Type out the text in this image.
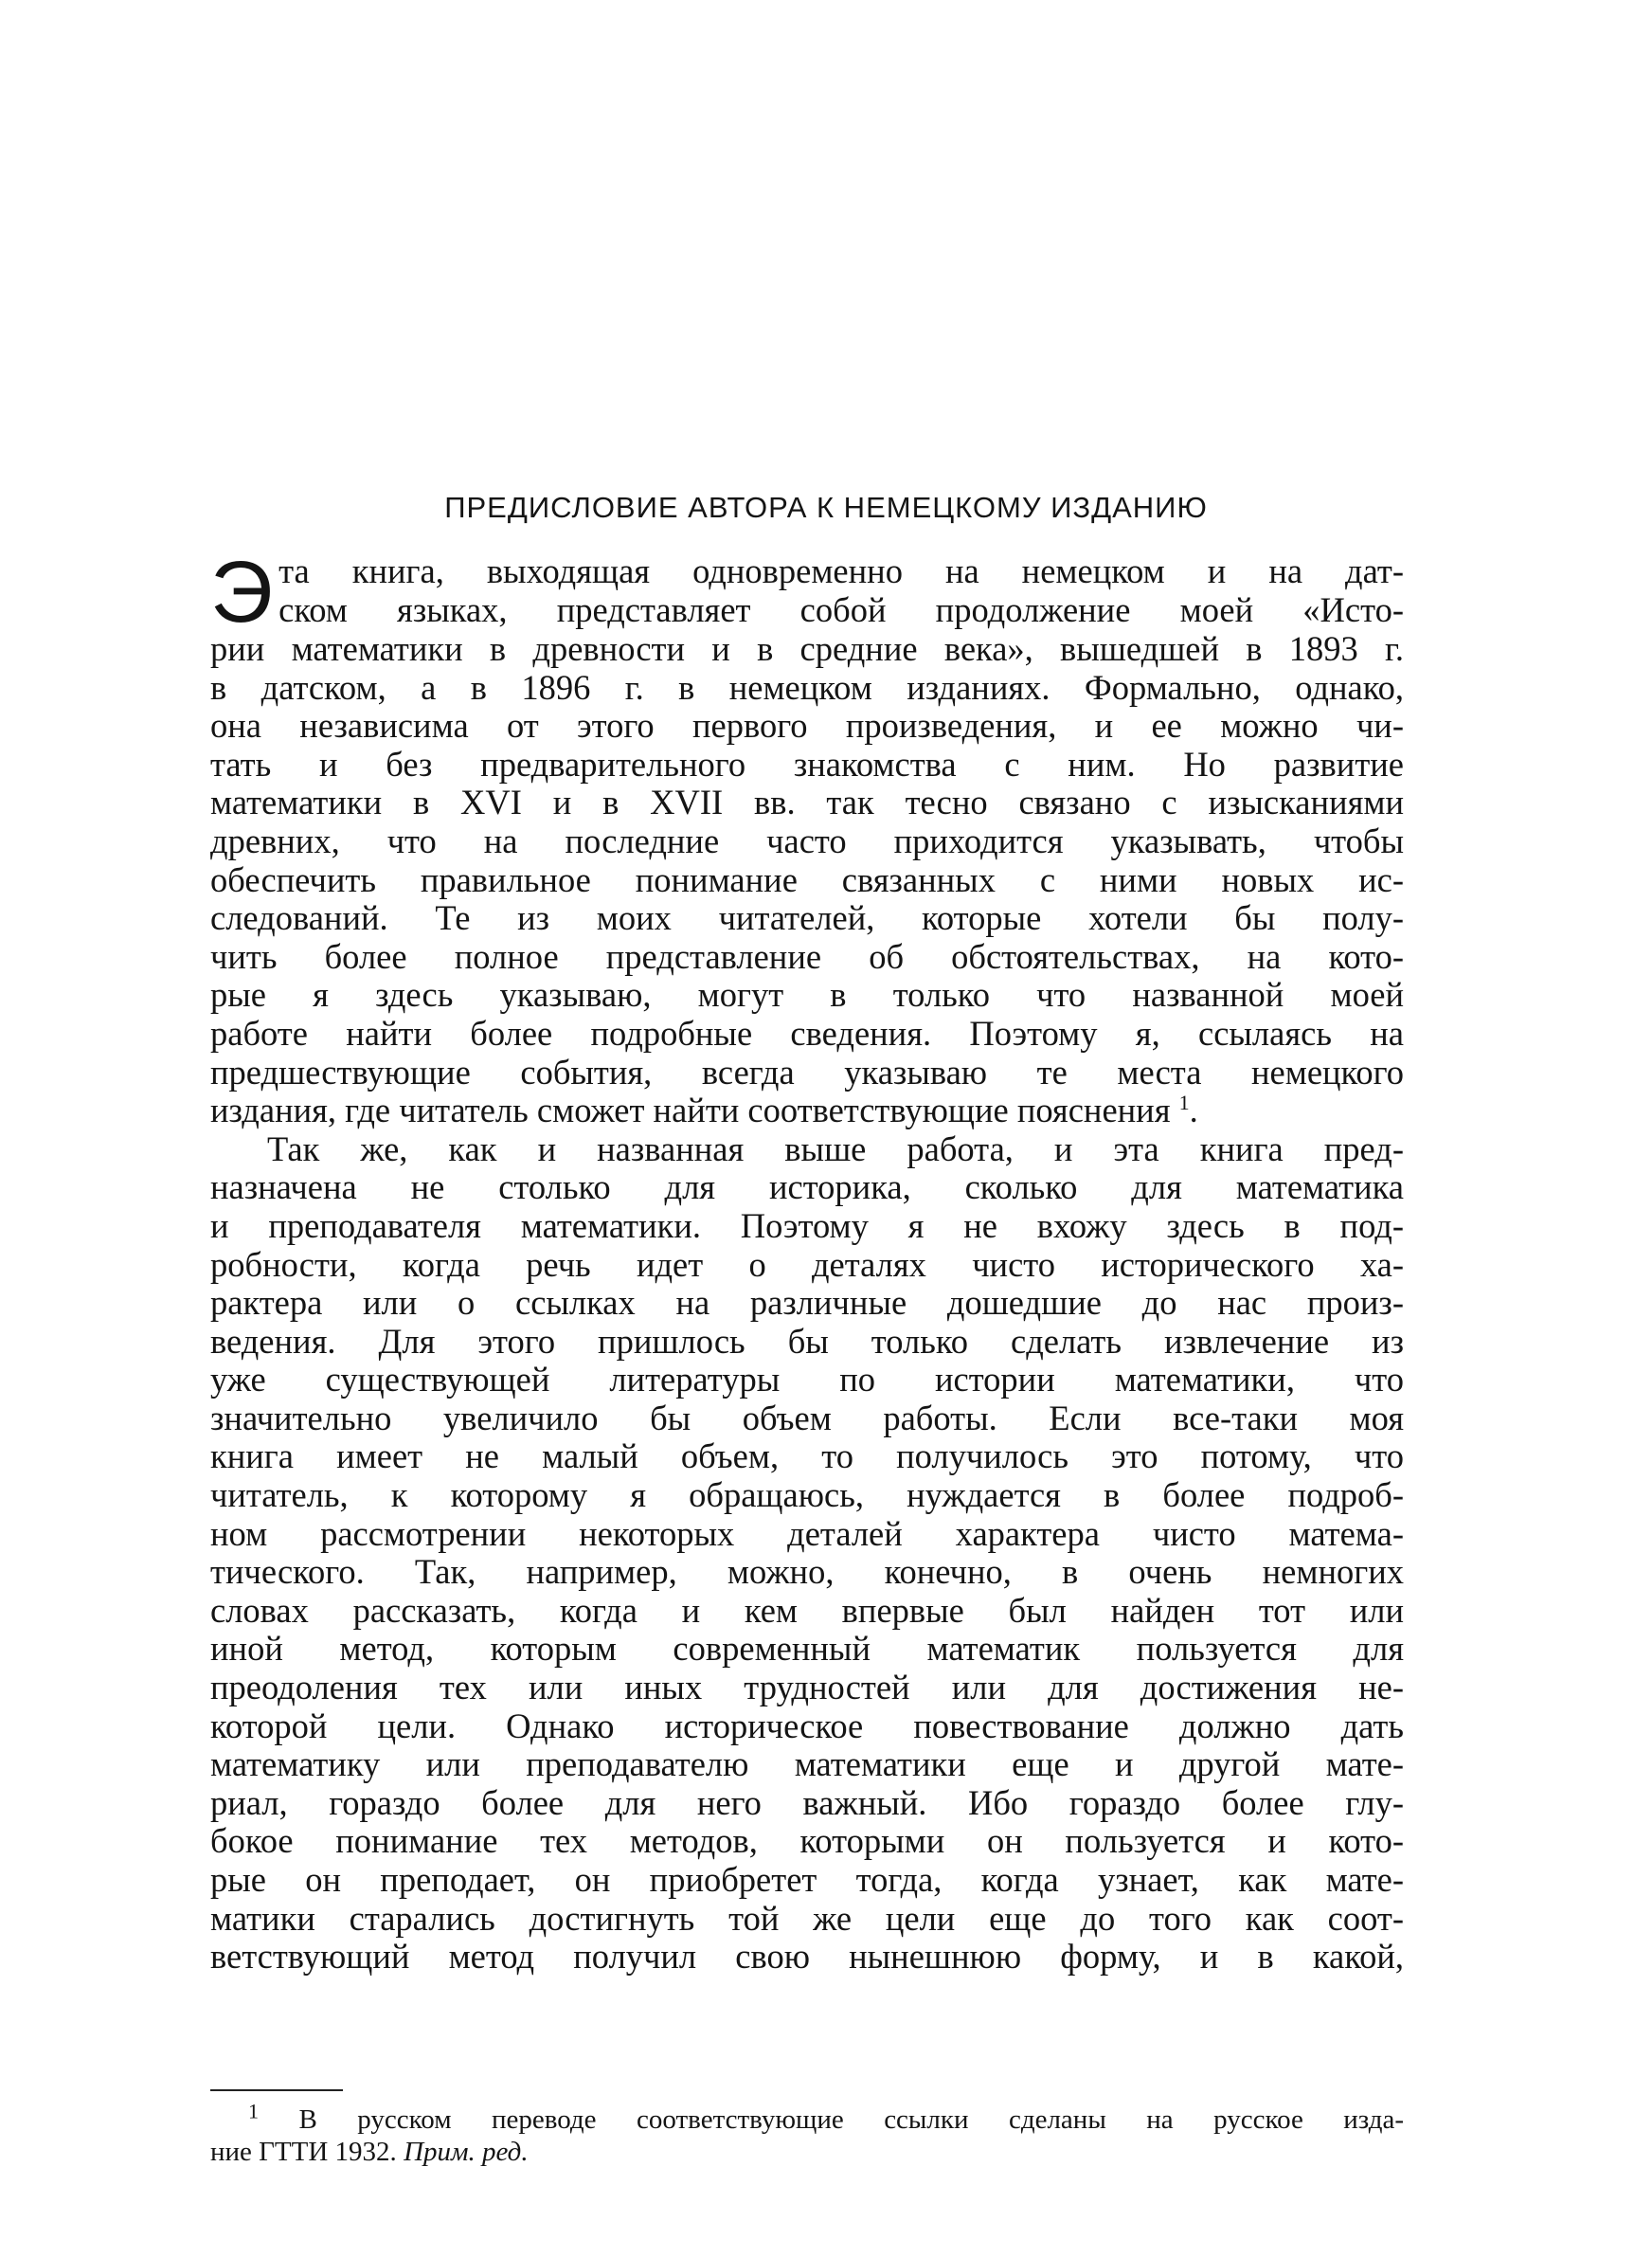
ПРЕДИСЛОВИЕ АВТОРА К НЕМЕЦКОМУ ИЗДАНИЮ
Э та книга, выходящая одновременно на немецком и на дат-
ском языках, представляет собой продолжение моей «Исто-
рии математики в древности и в средние века», вышедшей в 1893 г.
в датском, а в 1896 г. в немецком изданиях. Формально, однако,
она независима от этого первого произведения, и ее можно чи-
тать и без предварительного знакомства с ним. Но развитие
математики в XVI и в XVII вв. так тесно связано с изысканиями
древних, что на последние часто приходится указывать, чтобы
обеспечить правильное понимание связанных с ними новых ис-
следований. Те из моих читателей, которые хотели бы полу-
чить более полное представление об обстоятельствах, на кото-
рые я здесь указываю, могут в только что названной моей
работе найти более подробные сведения. Поэтому я, ссылаясь на
предшествующие события, всегда указываю те места немецкого
издания, где читатель сможет найти соответствующие пояснения $^1$.
Так же, как и названная выше работа, и эта книга пред-
назначена не столько для историка, сколько для математика
и преподавателя математики. Поэтому я не вхожу здесь в под-
робности, когда речь идет о деталях чисто исторического ха-
рактера или о ссылках на различные дошедшие до нас произ-
ведения. Для этого пришлось бы только сделать извлечение из
уже существующей литературы по истории математики, что
значительно увеличило бы объем работы. Если все-таки моя
книга имеет не малый объем, то получилось это потому, что
читатель, к которому я обращаюсь, нуждается в более подроб-
ном рассмотрении некоторых деталей характера чисто матема-
тического. Так, например, можно, конечно, в очень немногих
словах рассказать, когда и кем впервые был найден тот или
иной метод, которым современный математик пользуется для
преодоления тех или иных трудностей или для достижения не-
которой цели. Однако историческое повествование должно дать
математику или преподавателю математики еще и другой мате-
риал, гораздо более для него важный. Ибо гораздо более глу-
бокое понимание тех методов, которыми он пользуется и кото-
рые он преподает, он приобретет тогда, когда узнает, как мате-
матики старались достигнуть той же цели еще до того как соот-
ветствующий метод получил свою нынешнюю форму, и в какой,
$^1$ В русском переводе соответствующие ссылки сделаны на русское изда-
ние ГТТИ 1932. Прим. ред.
